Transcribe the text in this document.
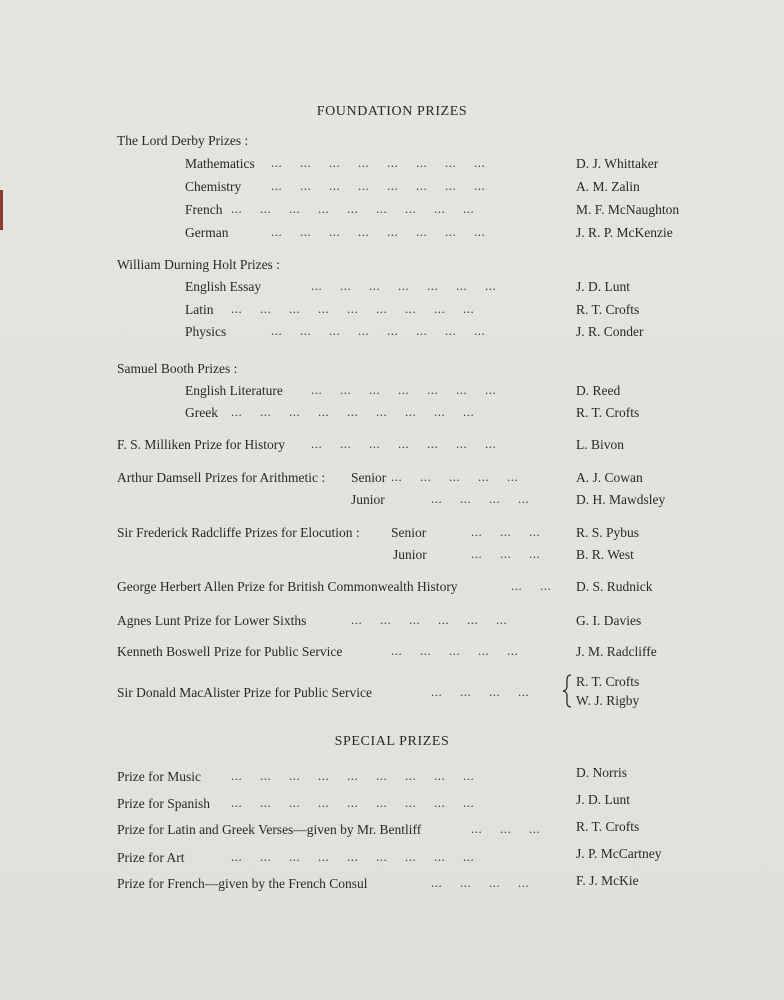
FOUNDATION PRIZES
The Lord Derby Prizes :
Mathematics ... ... ... ... ... ... ... ...	D. J. Whittaker
Chemistry ... ... ... ... ... ... ... ...	A. M. Zalin
French ... ... ... ... ... ... ... ... ...	M. F. McNaughton
German	... ... ... ... ... ... ... ...	J. R. P. McKenzie
William Durning Holt Prizes :
English Essay	... ... ... ... ... ... ...	J. D. Lunt
Latin ... ... ... ... ... ... ... ... ...	R. T. Crofts
Physics	... ... ... ... ... ... ... ...	J. R. Conder
Samuel Booth Prizes :
English Literature ... ... ... ... ... ... ...	D. Reed
Greek ... ... ... ... ... ... ... ... ...	R. T. Crofts
F. S. Milliken Prize for History ... ... ... ... ... ... ...	L. Bivon
Arthur Damsell Prizes for Arithmetic : Senior ... ... ... ... ...	A. J. Cowan
Junior	... ... ... ...	D. H. Mawdsley
Sir Frederick Radcliffe Prizes for Elocution : Senior	... ... ...	R. S. Pybus
Junior	... ... ...	B. R. West
George Herbert Allen Prize for British Commonwealth History	... ... D. S. Rudnick
Agnes Lunt Prize for Lower Sixths	... ... ... ... ... ...	G. I. Davies
Kenneth Boswell Prize for Public Service	... ... ... ... ...	J. M. Radcliffe
Sir Donald MacAlister Prize for Public Service	... ... ... ...
R. T. Crofts
W. J. Rigby
SPECIAL PRIZES
Prize for Music ... ... ... ... ... ... ... ... ...	D. Norris
Prize for Spanish ... ... ... ... ... ... ... ... ...	J. D. Lunt
Prize for Latin and Greek Verses—given by Mr. Bentliff	... ... ...	R. T. Crofts
Prize for Art	... ... ... ... ... ... ... ... ...	J. P. McCartney
Prize for French—given by the French Consul	... ... ... ...	F. J. McKie
